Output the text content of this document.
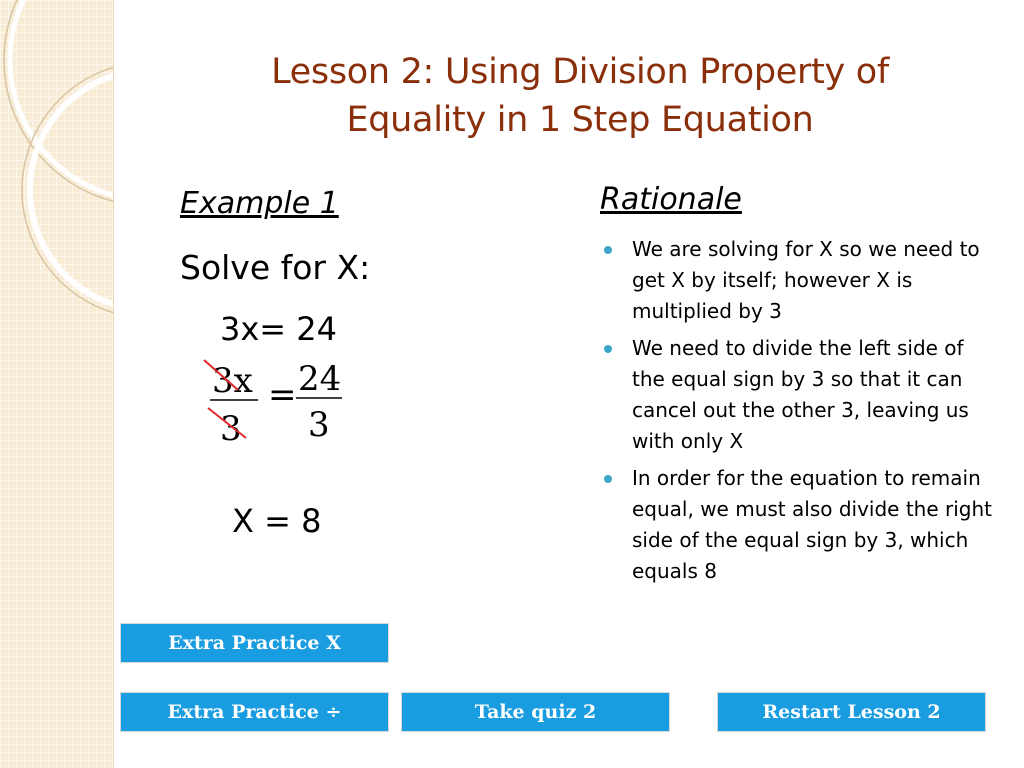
Lesson 2: Using Division Property of
Equality in 1 Step Equation
Example 1
Solve for X:
3x= 24
3x
3
= 24
3
X = 8
Rationale
We are solving for X so we need to get X by itself; however X is multiplied by 3
We need to divide the left side of the equal sign by 3 so that it can cancel out the other 3, leaving us with only X
In order for the equation to remain equal, we must also divide the right side of the equal sign by 3, which equals 8
Extra Practice X
Extra Practice ÷	Take quiz 2	Restart Lesson 2
